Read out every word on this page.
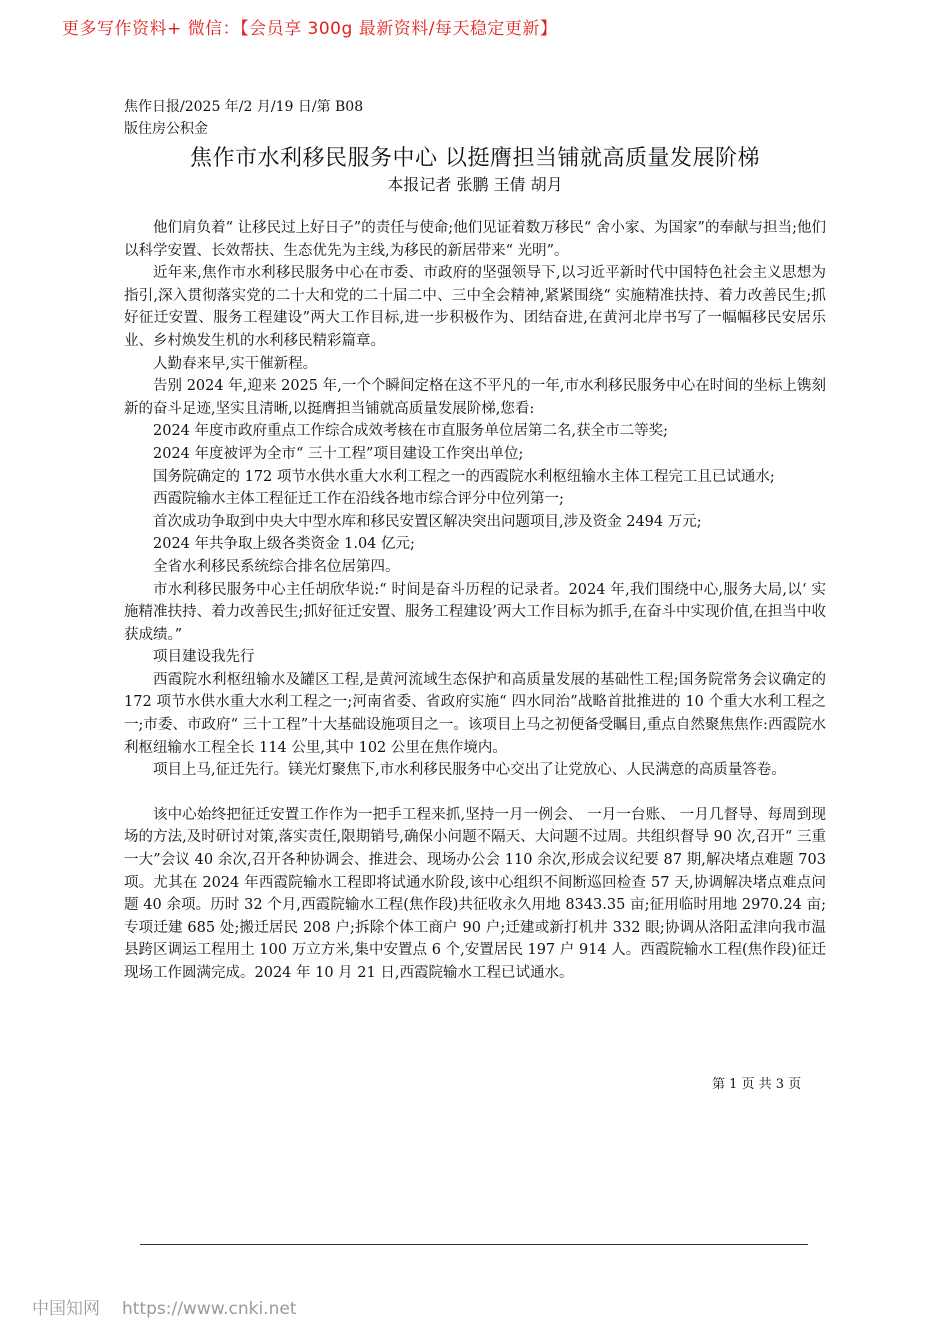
更多写作资料+ 微信：【会员享 300g 最新资料/每天稳定更新】
焦作日报/2025 年/2 月/19 日/第 B08
版住房公积金
焦作市水利移民服务中心 以挺膺担当铺就高质量发展阶梯
本报记者 张鹏 王倩 胡月

他们肩负着“ 让移民过上好日子”的责任与使命;他们见证着数万移民“ 舍小家、为国家”的奉献与担当;他们以科学安置、长效帮扶、生态优先为主线,为移民的新居带来“ 光明”。

近年来,焦作市水利移民服务中心在市委、市政府的坚强领导下,以习近平新时代中国特色社会主义思想为指引,深入贯彻落实党的二十大和党的二十届二中、三中全会精神,紧紧围绕“ 实施精准扶持、着力改善民生;抓好征迁安置、服务工程建设”两大工作目标,进一步积极作为、团结奋进,在黄河北岸书写了一幅幅移民安居乐业、乡村焕发生机的水利移民精彩篇章。

人勤春来早,实干催新程。

告别 2024 年,迎来 2025 年,一个个瞬间定格在这不平凡的一年,市水利移民服务中心在时间的坐标上镌刻新的奋斗足迹,坚实且清晰,以挺膺担当铺就高质量发展阶梯,您看:

2024 年度市政府重点工作综合成效考核在市直服务单位居第二名,获全市二等奖;

2024 年度被评为全市“ 三十工程”项目建设工作突出单位;

国务院确定的 172 项节水供水重大水利工程之一的西霞院水利枢纽输水主体工程完工且已试通水;

西霞院输水主体工程征迁工作在沿线各地市综合评分中位列第一;

首次成功争取到中央大中型水库和移民安置区解决突出问题项目,涉及资金 2494 万元;

2024 年共争取上级各类资金 1.04 亿元;

全省水利移民系统综合排名位居第四。

市水利移民服务中心主任胡欣华说:“ 时间是奋斗历程的记录者。2024 年,我们围绕中心,服务大局,以‘ 实施精准扶持、着力改善民生;抓好征迁安置、服务工程建设’两大工作目标为抓手,在奋斗中实现价值,在担当中收获成绩。”

项目建设我先行

西霞院水利枢纽输水及罐区工程,是黄河流域生态保护和高质量发展的基础性工程;国务院常务会议确定的 172 项节水供水重大水利工程之一;河南省委、省政府实施“ 四水同治”战略首批推进的 10 个重大水利工程之一;市委、市政府“ 三十工程”十大基础设施项目之一。该项目上马之初便备受瞩目,重点自然聚焦焦作:西霞院水利枢纽输水工程全长 114 公里,其中 102 公里在焦作境内。

项目上马,征迁先行。镁光灯聚焦下,市水利移民服务中心交出了让党放心、人民满意的高质量答卷。

该中心始终把征迁安置工作作为一把手工程来抓,坚持一月一例会、 一月一台账、 一月几督导、每周到现场的方法,及时研讨对策,落实责任,限期销号,确保小问题不隔天、大问题不过周。共组织督导 90 次,召开“ 三重一大”会议 40 余次,召开各种协调会、推进会、现场办公会 110 余次,形成会议纪要 87 期,解决堵点难题 703 项。尤其在 2024 年西霞院输水工程即将试通水阶段,该中心组织不间断巡回检查 57 天,协调解决堵点难点问题 40 余项。历时 32 个月,西霞院输水工程(焦作段)共征收永久用地 8343.35 亩;征用临时用地 2970.24 亩;专项迁建 685 处;搬迁居民 208 户;拆除个体工商户 90 户;迁建或新打机井 332 眼;协调从洛阳孟津向我市温县跨区调运工程用土 100 万立方米,集中安置点 6 个,安置居民 197 户 914 人。西霞院输水工程(焦作段)征迁现场工作圆满完成。2024 年 10 月 21 日,西霞院输水工程已试通水。

第 1 页 共 3 页
中国知网 https://www.cnki.net
